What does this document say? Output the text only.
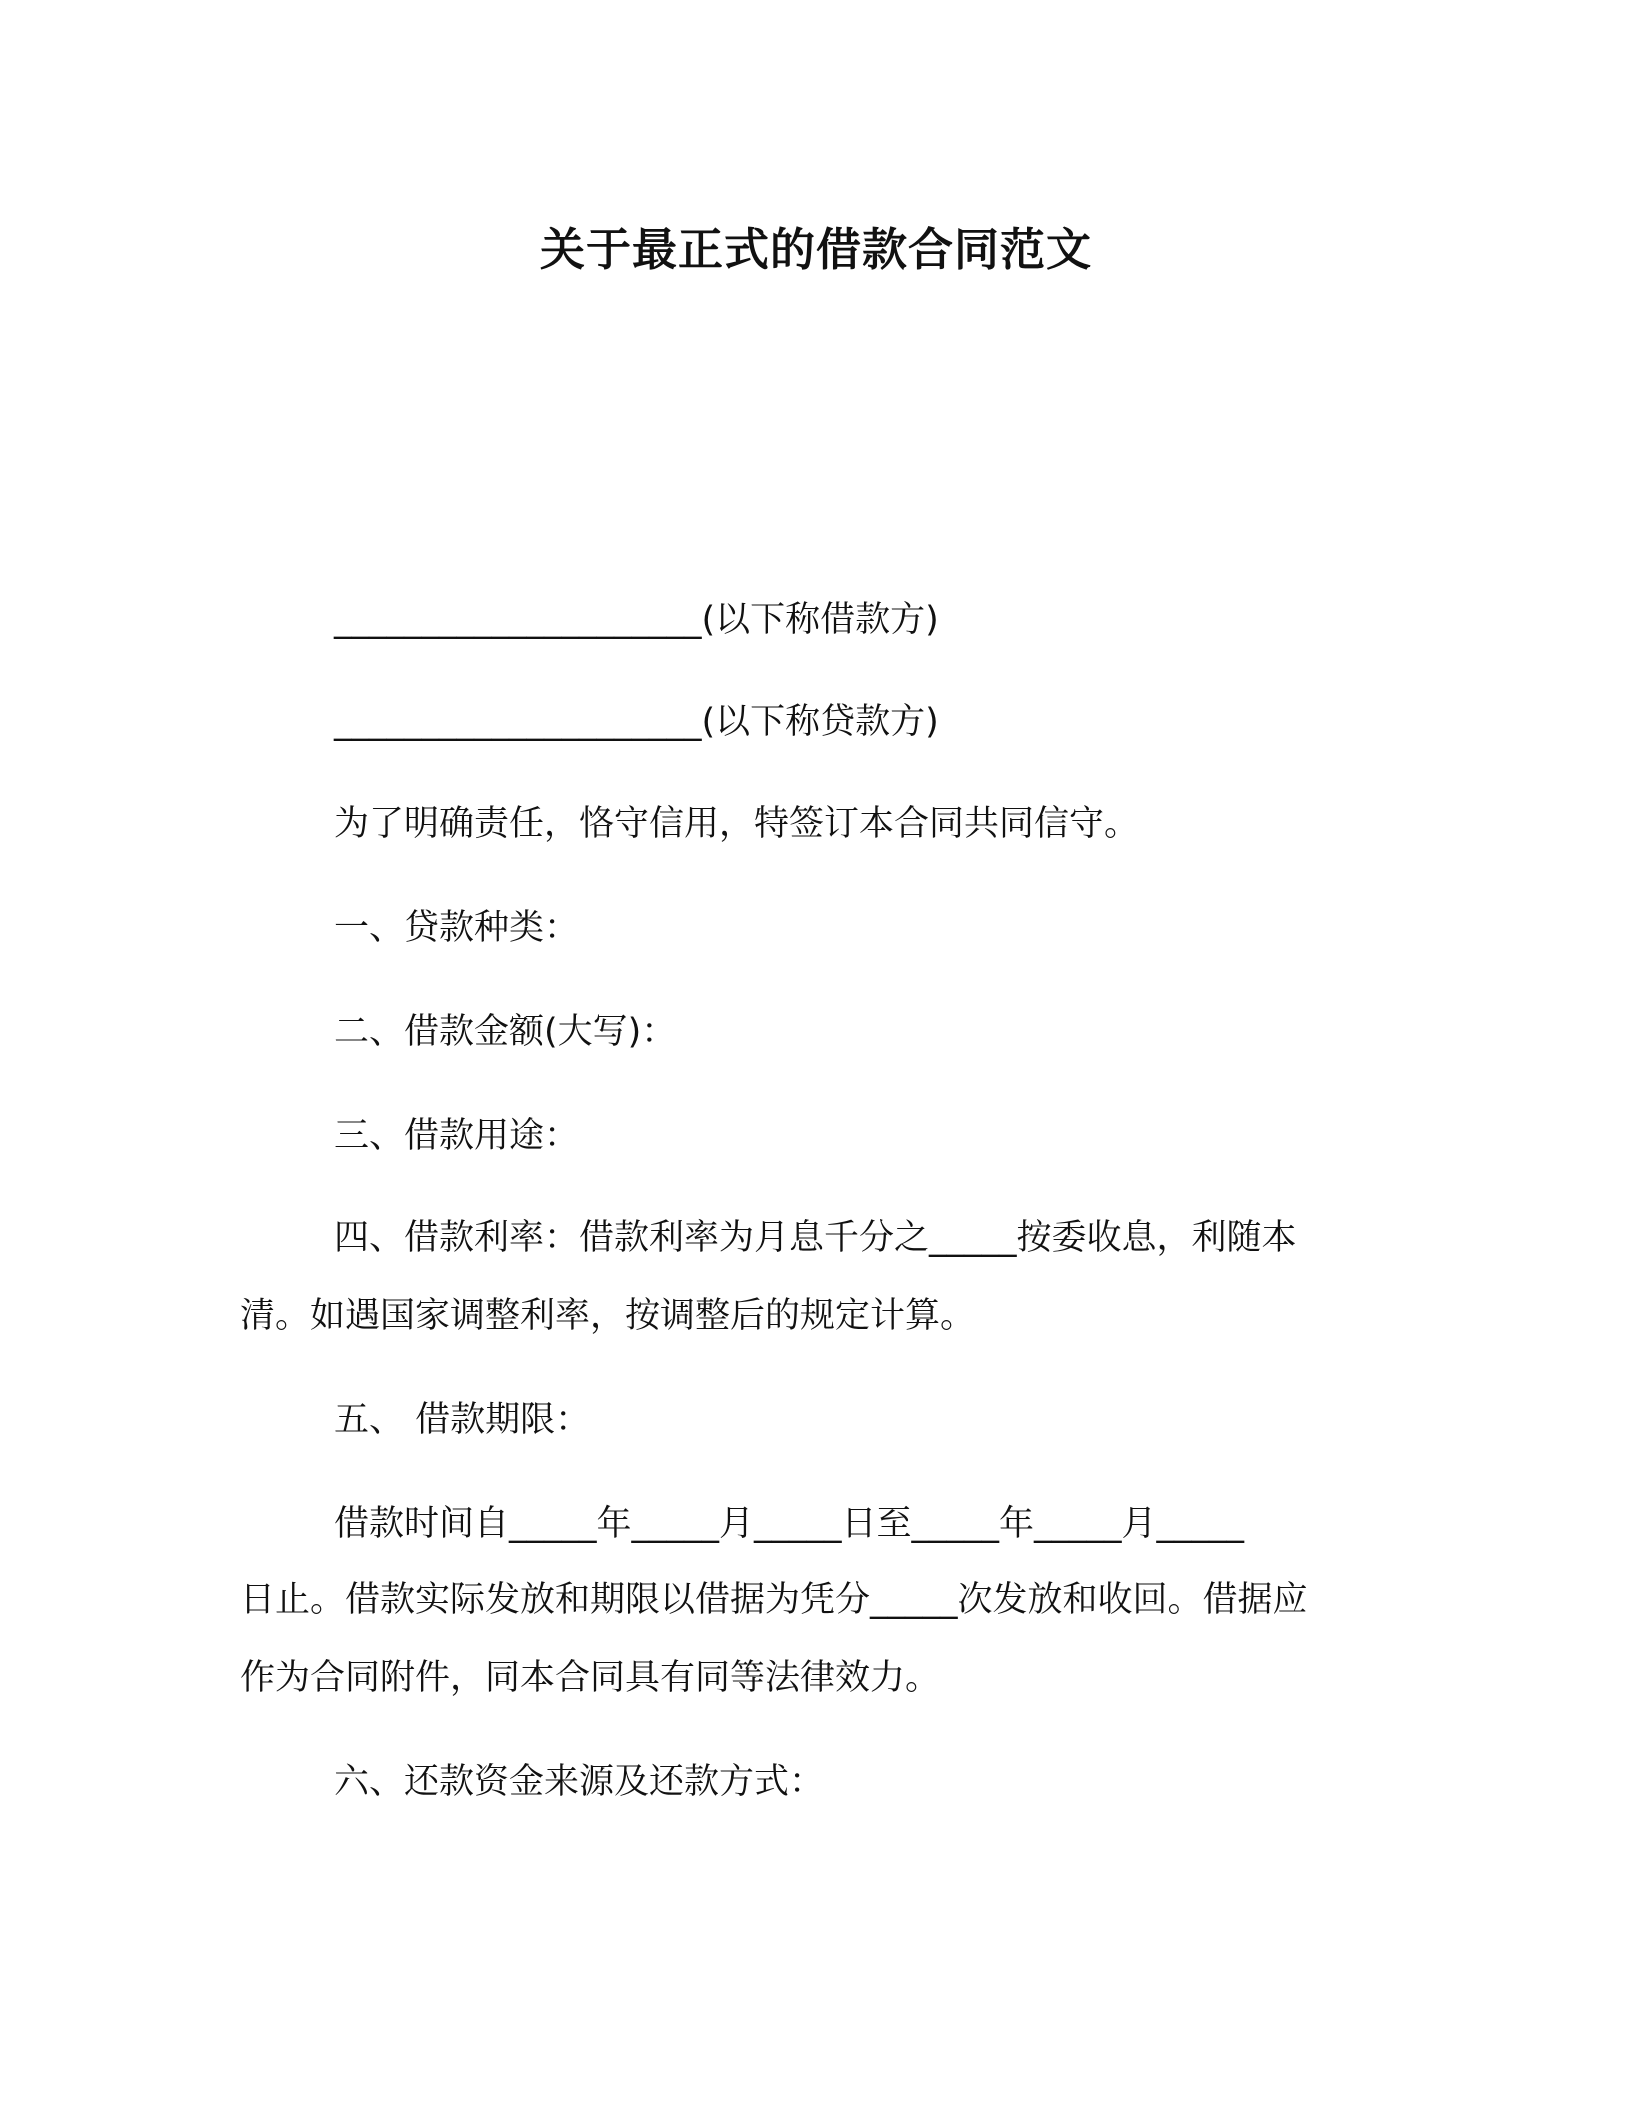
关于最正式的借款合同范文
_____________________(以下称借款方)
_____________________(以下称贷款方)
为了明确责任，恪守信用，特签订本合同共同信守。
一、贷款种类：
二、借款金额(大写)：
三、借款用途：
四、借款利率：借款利率为月息千分之_____按委收息，利随本
清。如遇国家调整利率，按调整后的规定计算。
五、 借款期限：
借款时间自_____年_____月_____日至_____年_____月_____
日止。借款实际发放和期限以借据为凭分_____次发放和收回。借据应
作为合同附件，同本合同具有同等法律效力。
六、还款资金来源及还款方式：
